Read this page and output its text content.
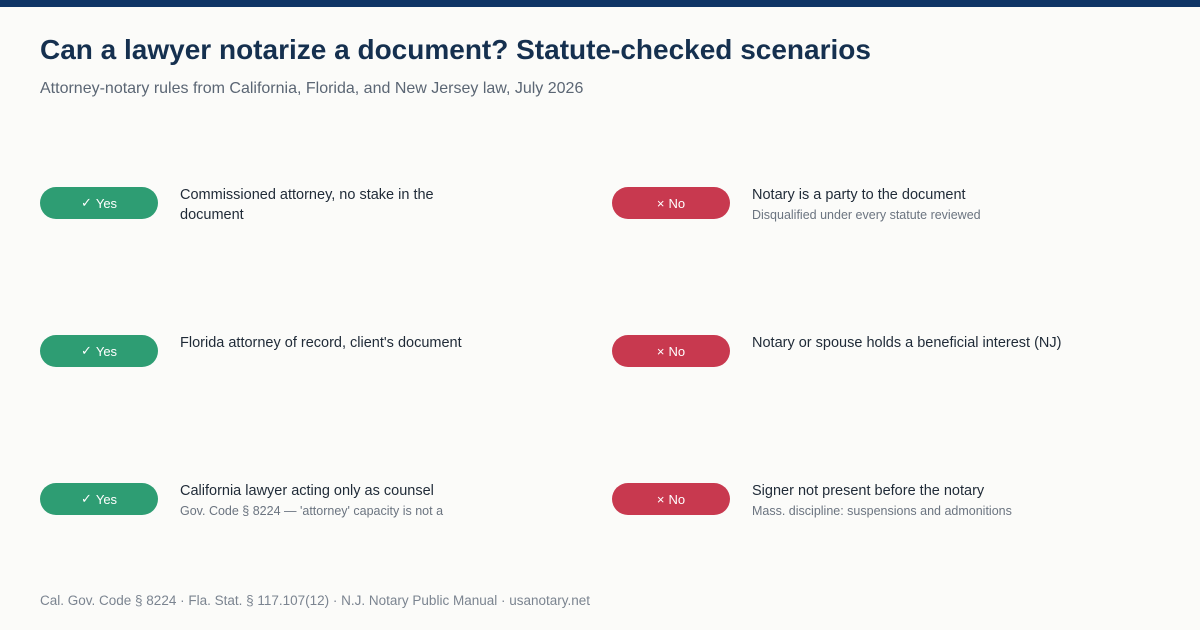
Can a lawyer notarize a document? Statute-checked scenarios

Attorney-notary rules from California, Florida, and New Jersey law, July 2026

✓ Yes	Commissioned attorney, no stake in the document
✓ Yes	Florida attorney of record, client's document
✓ Yes	California lawyer acting only as counsel
Gov. Code § 8224 — 'attorney' capacity is not a
× No	Notary is a party to the document
Disqualified under every statute reviewed
× No	Notary or spouse holds a beneficial interest (NJ)
× No	Signer not present before the notary
Mass. discipline: suspensions and admonitions

Cal. Gov. Code § 8224 · Fla. Stat. § 117.107(12) · N.J. Notary Public Manual · usanotary.net
